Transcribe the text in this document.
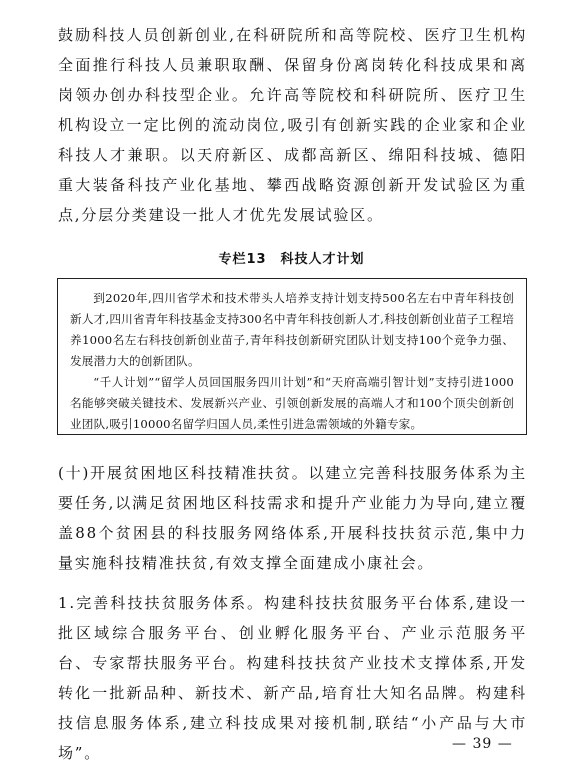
鼓励科技人员创新创业,在科研院所和高等院校、医疗卫生机构全面推行科技人员兼职取酬、保留身份离岗转化科技成果和离岗领办创办科技型企业。允许高等院校和科研院所、医疗卫生机构设立一定比例的流动岗位,吸引有创新实践的企业家和企业科技人才兼职。以天府新区、成都高新区、绵阳科技城、德阳重大装备科技产业化基地、攀西战略资源创新开发试验区为重点,分层分类建设一批人才优先发展试验区。

专栏13　科技人才计划

到2020年,四川省学术和技术带头人培养支持计划支持500名左右中青年科技创新人才,四川省青年科技基金支持300名中青年科技创新人才,科技创新创业苗子工程培养1000名左右科技创新创业苗子,青年科技创新研究团队计划支持100个竞争力强、发展潜力大的创新团队。

“千人计划”“留学人员回国服务四川计划”和“天府高端引智计划”支持引进1000名能够突破关键技术、发展新兴产业、引领创新发展的高端人才和100个顶尖创新创业团队,吸引10000名留学归国人员,柔性引进急需领域的外籍专家。

(十)开展贫困地区科技精准扶贫。以建立完善科技服务体系为主要任务,以满足贫困地区科技需求和提升产业能力为导向,建立覆盖88个贫困县的科技服务网络体系,开展科技扶贫示范,集中力量实施科技精准扶贫,有效支撑全面建成小康社会。

1.完善科技扶贫服务体系。构建科技扶贫服务平台体系,建设一批区域综合服务平台、创业孵化服务平台、产业示范服务平台、专家帮扶服务平台。构建科技扶贫产业技术支撑体系,开发转化一批新品种、新技术、新产品,培育壮大知名品牌。构建科技信息服务体系,建立科技成果对接机制,联结“小产品与大市场”。	— 39 —
